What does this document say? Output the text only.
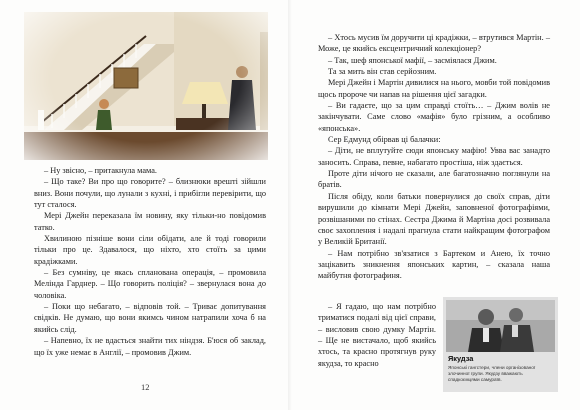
– Ну звісно, – притакнула мама.

– Що таке? Ви про що говорите? – близнюки врешті зійшли вниз. Вони почули, що лунали з кухні, і прибігли перевірити, що тут сталося.

Мері Джейн переказала їм новину, яку тільки-но повідомив татко.

Хвилиною пізніше вони сіли обідати, але й тоді говорили тільки про це. Здавалося, що ніхто, хто стоїть за цими крадіжками.

– Без сумніву, це якась спланована операція, – промовила Мелінда Гарднер. – Що говорить поліція? – звернулася вона до чоловіка.

– Поки що небагато, – відповів той. – Триває допитування свідків. Не думаю, що вони якимсь чином натрапили хоча б на якийсь слід.

– Напевно, їх не вдасться знайти тих ніндзя. Б'юся об заклад, що їх уже немає в Англії, – промовив Джим.

12

– Хтось мусив їм доручити ці крадіжки, – втрутився Мартін. – Може, це якийсь ексцентричний колекціонер?

– Так, шеф японської мафії, – засміялася Джим.

Та за мить він став серйозним.

Мері Джейн і Мартін дивилися на нього, мовби той повідомив щось пророче чи напав на рішення цієї загадки.

– Ви гадаєте, що за цим справді стоїть… – Джим волів не закінчувати. Саме слово «мафія» було грізним, а особливо «японська».

Сер Едмунд обірвав ці балачки:

– Діти, не вплутуйте сюди японську мафію! Увва вас занадто заносить. Справа, певне, набагато простіша, ніж здається.

Проте діти нічого не сказали, але багатозначно поглянули на братів.

Після обіду, коли батьки повернулися до своїх справ, діти вирушили до кімнати Мері Джейн, заповненої фотографіями, розвішаними по стінах. Сестра Джима й Мартіна досі розвивала своє захоплення і надалі прагнула стати найкращим фотографом у Великій Британії.

– Нам потрібно зв'язатися з Бартеком и Анею, їх точно зацікавить зникнення японських картин, – сказала наша майбутня фотографиня.

– Я гадаю, що нам потрібно триматися подалі від цієї справи, – висловив свою думку Мартін. – Ще не вистачало, щоб якийсь хтось, та красно протягнув руку якудза, то красно

Якудза
Японські гангстери, члени організованої злочинної групи. Якудзу вважають спадкоємцями самураїв.
